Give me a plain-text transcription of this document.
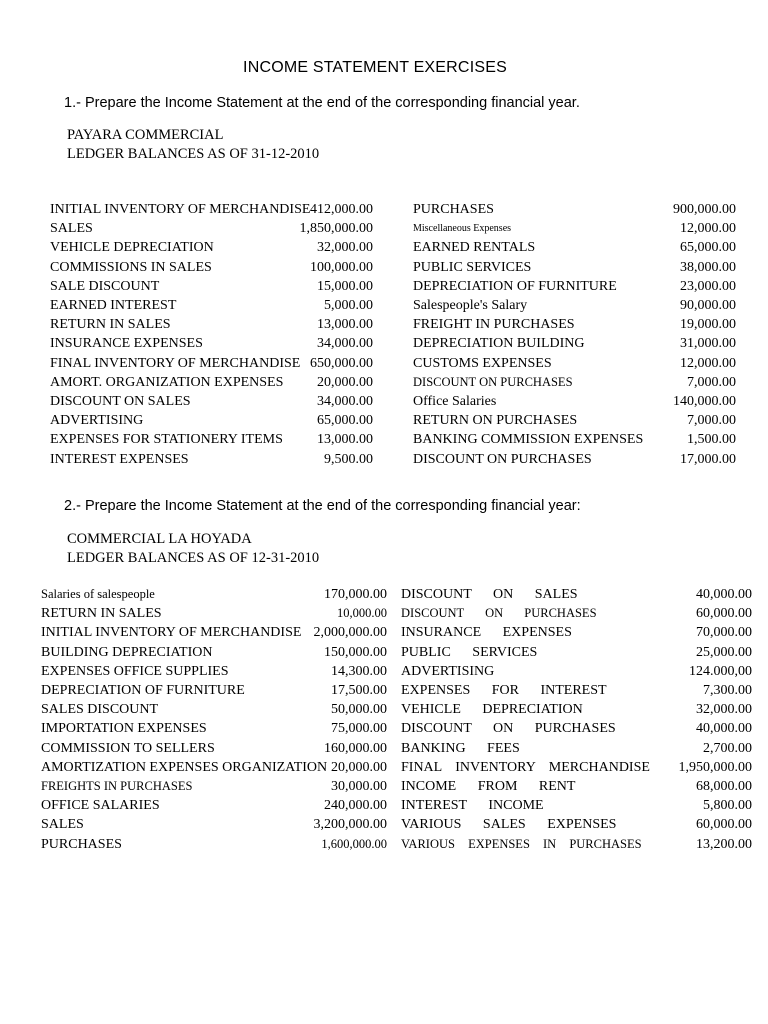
INCOME STATEMENT EXERCISES
1.- Prepare the Income Statement at the end of the corresponding financial year.
PAYARA COMMERCIAL
LEDGER BALANCES AS OF 31-12-2010
INITIAL INVENTORY OF MERCHANDISE 412,000.00
SALES	1,850,000.00
VEHICLE DEPRECIATION	32,000.00
COMMISSIONS IN SALES	100,000.00
SALE DISCOUNT	15,000.00
EARNED INTEREST	5,000.00
RETURN IN SALES	13,000.00
INSURANCE EXPENSES	34,000.00
FINAL INVENTORY OF MERCHANDISE 650,000.00
AMORT. ORGANIZATION EXPENSES 20,000.00
DISCOUNT ON SALES	34,000.00
ADVERTISING	65,000.00
EXPENSES FOR STATIONERY ITEMS 13,000.00
INTEREST EXPENSES	9,500.00
PURCHASES	900,000.00
Miscellaneous Expenses	12,000.00
EARNED RENTALS	65,000.00
PUBLIC SERVICES	38,000.00
DEPRECIATION OF FURNITURE	23,000.00
Salespeople's Salary	90,000.00
FREIGHT IN PURCHASES	19,000.00
DEPRECIATION BUILDING	31,000.00
CUSTOMS EXPENSES	12,000.00
DISCOUNT ON PURCHASES	7,000.00
Office Salaries	140,000.00
RETURN ON PURCHASES	7,000.00
BANKING COMMISSION EXPENSES	1,500.00
DISCOUNT ON PURCHASES	17,000.00
2.- Prepare the Income Statement at the end of the corresponding financial year:
COMMERCIAL LA HOYADA
LEDGER BALANCES AS OF 12-31-2010
Salaries of salespeople	170,000.00
RETURN IN SALES	10,000.00
INITIAL INVENTORY OF MERCHANDISE 2,000,000.00
BUILDING DEPRECIATION	150,000.00
EXPENSES OFFICE SUPPLIES	14,300.00
DEPRECIATION OF FURNITURE	17,500.00
SALES DISCOUNT	50,000.00
IMPORTATION EXPENSES	75,000.00
COMMISSION TO SELLERS	160,000.00
AMORTIZATION EXPENSES ORGANIZATION 20,000.00
FREIGHTS IN PURCHASES	30,000.00
OFFICE SALARIES	240,000.00
SALES	3,200,000.00
PURCHASES	1,600,000.00
DISCOUNT ON SALES	40,000.00
DISCOUNT ON PURCHASES	60,000.00
INSURANCE EXPENSES	70,000.00
PUBLIC SERVICES	25,000.00
ADVERTISING	124.000,00
EXPENSES FOR INTEREST	7,300.00
VEHICLE DEPRECIATION	32,000.00
DISCOUNT ON PURCHASES	40,000.00
BANKING FEES	2,700.00
FINAL INVENTORY MERCHANDISE 1,950,000.00
INCOME FROM RENT	68,000.00
INTEREST INCOME	5,800.00
VARIOUS SALES EXPENSES	60,000.00
VARIOUS EXPENSES IN PURCHASES	13,200.00
